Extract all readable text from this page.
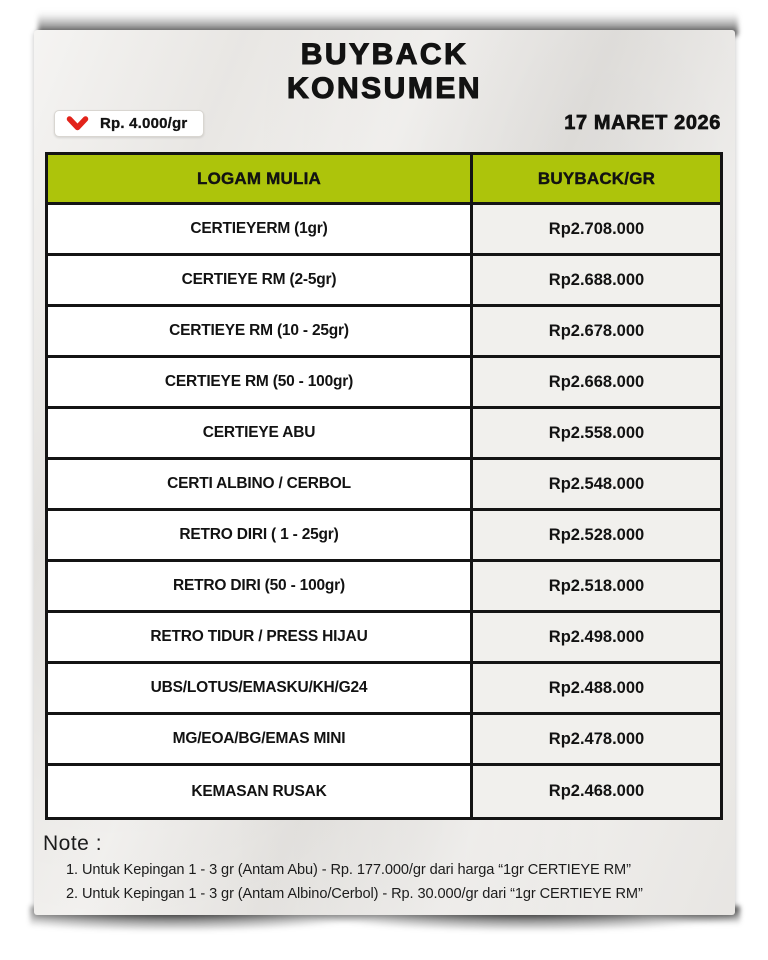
BUYBACK
KONSUMEN
Rp. 4.000/gr	17 MARET 2026
LOGAM MULIA	BUYBACK/GR
CERTIEYERM (1gr)	Rp2.708.000
CERTIEYE RM (2-5gr)	Rp2.688.000
CERTIEYE RM (10 - 25gr)	Rp2.678.000
CERTIEYE RM (50 - 100gr)	Rp2.668.000
CERTIEYE ABU	Rp2.558.000
CERTI ALBINO / CERBOL	Rp2.548.000
RETRO DIRI ( 1 - 25gr)	Rp2.528.000
RETRO DIRI (50 - 100gr)	Rp2.518.000
RETRO TIDUR / PRESS HIJAU	Rp2.498.000
UBS/LOTUS/EMASKU/KH/G24	Rp2.488.000
MG/EOA/BG/EMAS MINI	Rp2.478.000
KEMASAN RUSAK	Rp2.468.000
Note :
1. Untuk Kepingan 1 - 3 gr (Antam Abu) - Rp. 177.000/gr dari harga “1gr CERTIEYE RM”
2. Untuk Kepingan 1 - 3 gr (Antam Albino/Cerbol) - Rp. 30.000/gr dari “1gr CERTIEYE RM”
